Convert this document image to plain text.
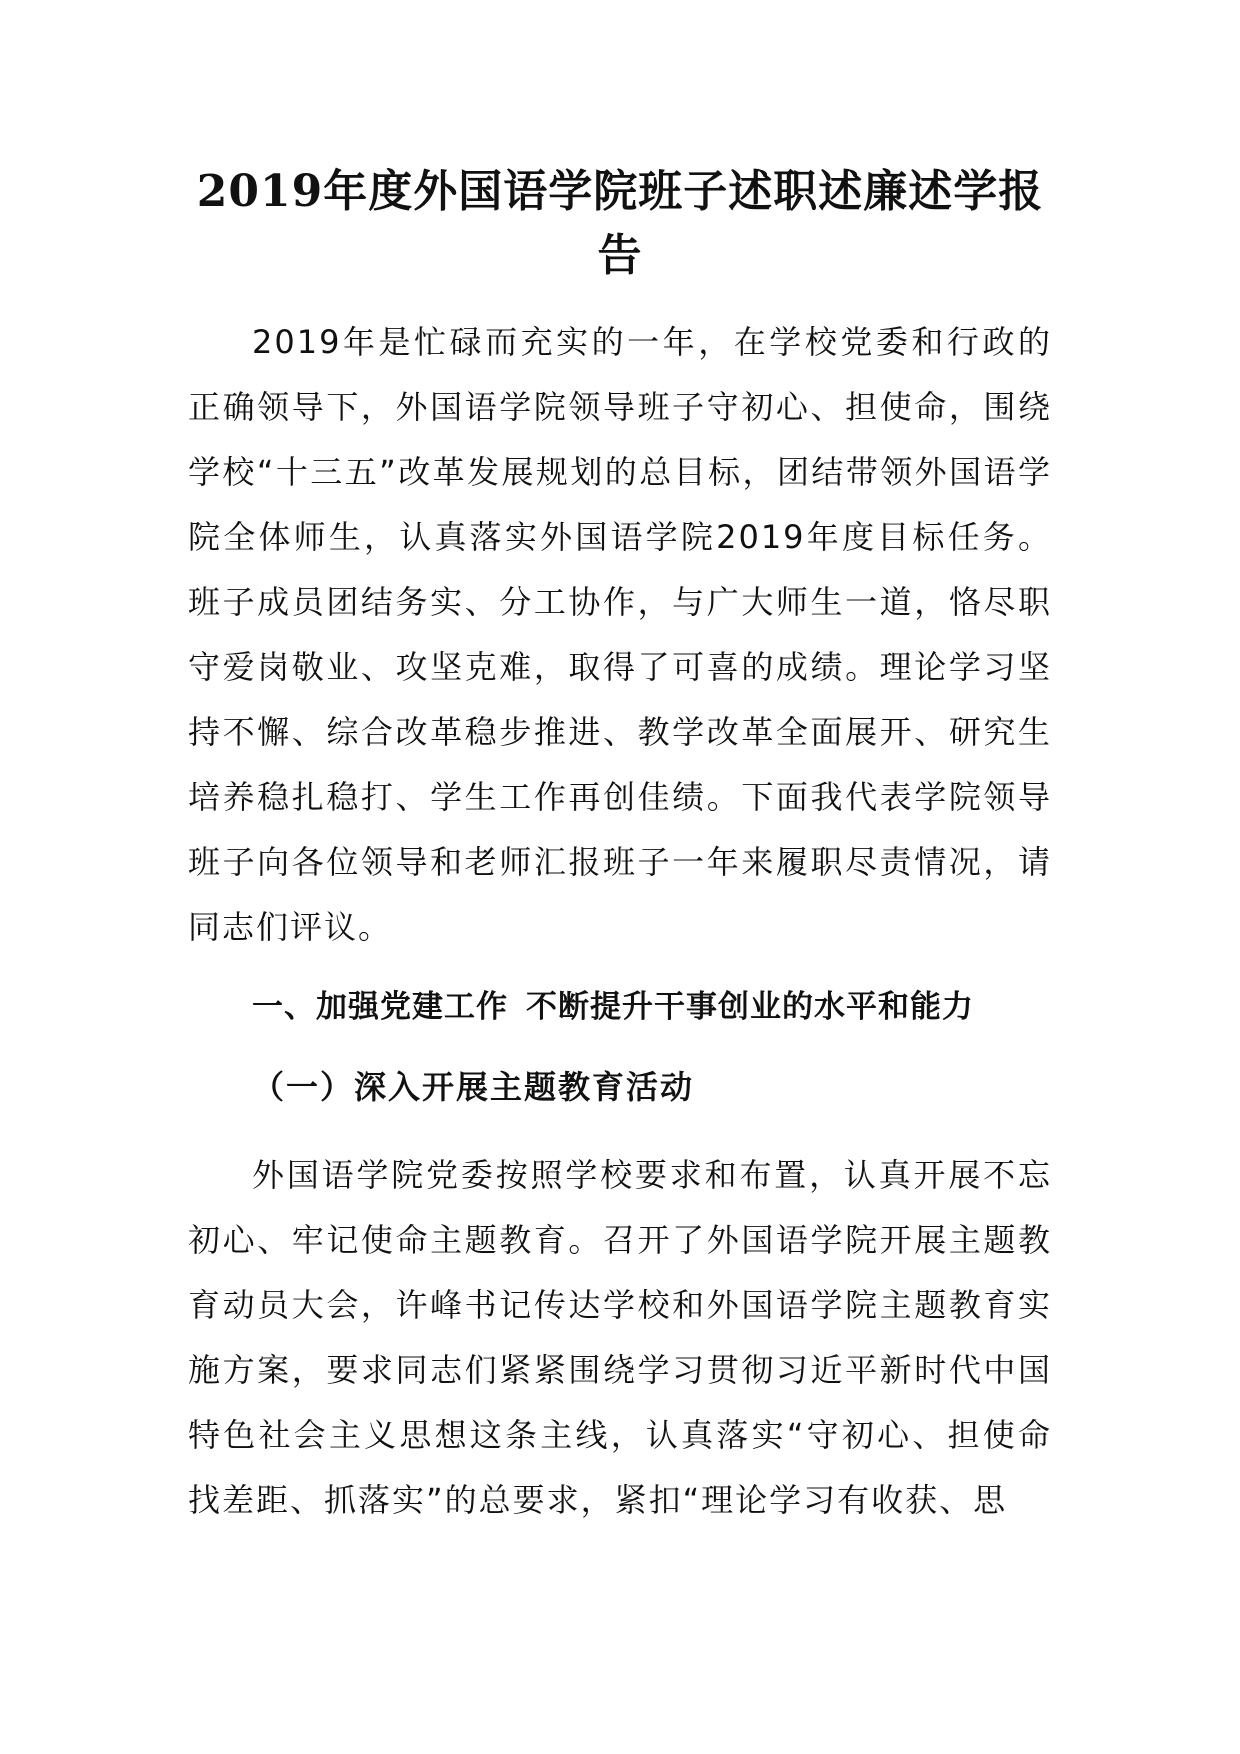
2019年度外国语学院班子述职述廉述学报告

2019年是忙碌而充实的一年，在学校党委和行政的正确领导下，外国语学院领导班子守初心、担使命，围绕学校“十三五”改革发展规划的总目标，团结带领外国语学院全体师生，认真落实外国语学院2019年度目标任务。班子成员团结务实、分工协作，与广大师生一道，恪尽职守爱岗敬业、攻坚克难，取得了可喜的成绩。理论学习坚持不懈、综合改革稳步推进、教学改革全面展开、研究生培养稳扎稳打、学生工作再创佳绩。下面我代表学院领导班子向各位领导和老师汇报班子一年来履职尽责情况，请同志们评议。

一、加强党建工作 不断提升干事创业的水平和能力
（一）深入开展主题教育活动

外国语学院党委按照学校要求和布置，认真开展不忘初心、牢记使命主题教育。召开了外国语学院开展主题教育动员大会，许峰书记传达学校和外国语学院主题教育实施方案，要求同志们紧紧围绕学习贯彻习近平新时代中国特色社会主义思想这条主线，认真落实“守初心、担使命找差距、抓落实”的总要求，紧扣“理论学习有收获、思
